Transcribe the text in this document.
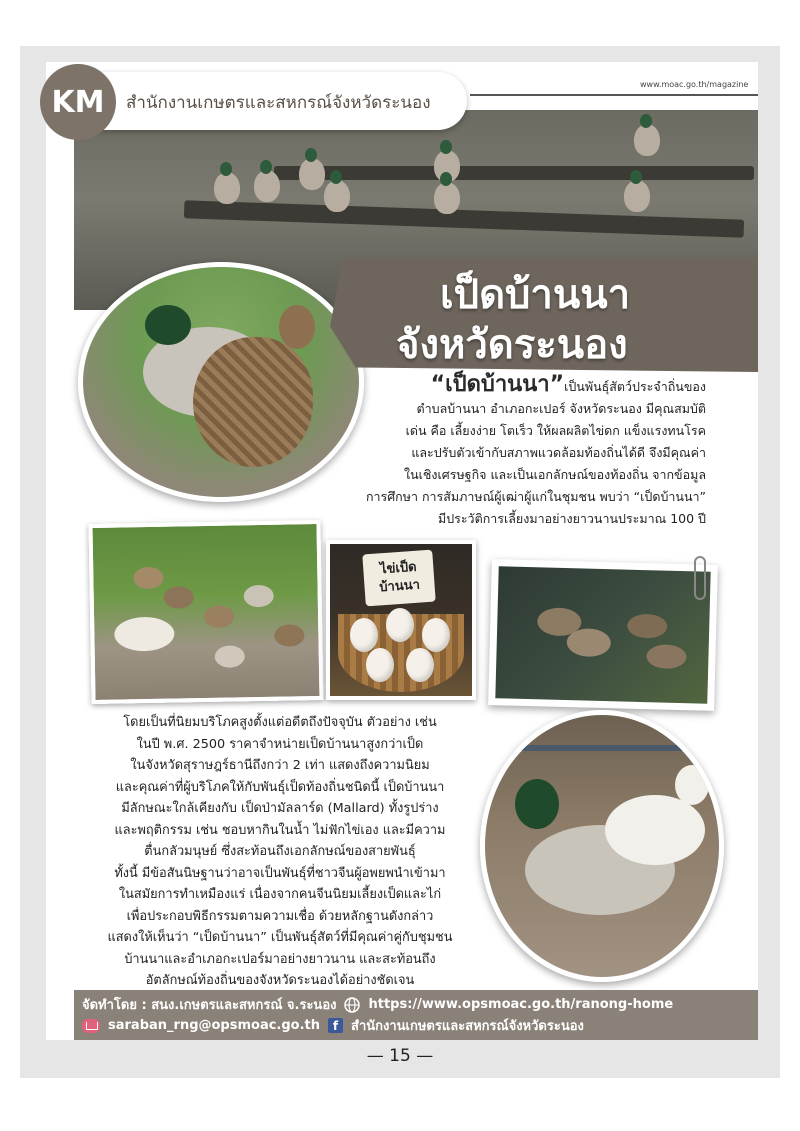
KM สำนักงานเกษตรและสหกรณ์จังหวัดระนอง
www.moac.go.th/magazine
เป็ดบ้านนา
จังหวัดระนอง
“เป็ดบ้านนา”เป็นพันธุ์สัตว์ประจำถิ่นของ
ตำบลบ้านนา อำเภอกะเปอร์ จังหวัดระนอง มีคุณสมบัติ
เด่น คือ เลี้ยงง่าย โตเร็ว ให้ผลผลิตไข่ดก แข็งแรงทนโรค
และปรับตัวเข้ากับสภาพแวดล้อมท้องถิ่นได้ดี จึงมีคุณค่า
ในเชิงเศรษฐกิจ และเป็นเอกลักษณ์ของท้องถิ่น จากข้อมูล
การศึกษา การสัมภาษณ์ผู้เฒ่าผู้แก่ในชุมชน พบว่า “เป็ดบ้านนา”
มีประวัติการเลี้ยงมาอย่างยาวนานประมาณ 100 ปี
ไข่เป็ด
บ้านนา
โดยเป็นที่นิยมบริโภคสูงตั้งแต่อดีตถึงปัจจุบัน ตัวอย่าง เช่น
ในปี พ.ศ. 2500 ราคาจำหน่ายเป็ดบ้านนาสูงกว่าเป็ด
ในจังหวัดสุราษฎร์ธานีถึงกว่า 2 เท่า แสดงถึงความนิยม
และคุณค่าที่ผู้บริโภคให้กับพันธุ์เป็ดท้องถิ่นชนิดนี้ เป็ดบ้านนา
มีลักษณะใกล้เคียงกับ เป็ดป่ามัลลาร์ด (Mallard) ทั้งรูปร่าง
และพฤติกรรม เช่น ชอบหากินในน้ำ ไม่ฟักไข่เอง และมีความ
ตื่นกลัวมนุษย์ ซึ่งสะท้อนถึงเอกลักษณ์ของสายพันธุ์
ทั้งนี้ มีข้อสันนิษฐานว่าอาจเป็นพันธุ์ที่ชาวจีนผู้อพยพนำเข้ามา
ในสมัยการทำเหมืองแร่ เนื่องจากคนจีนนิยมเลี้ยงเป็ดและไก่
เพื่อประกอบพิธีกรรมตามความเชื่อ ด้วยหลักฐานดังกล่าว
แสดงให้เห็นว่า “เป็ดบ้านนา” เป็นพันธุ์สัตว์ที่มีคุณค่าคู่กับชุมชน
บ้านนาและอำเภอกะเปอร์มาอย่างยาวนาน และสะท้อนถึง
อัตลักษณ์ท้องถิ่นของจังหวัดระนองได้อย่างชัดเจน
จัดทำโดย : สนง.เกษตรและสหกรณ์ จ.ระนอง https://www.opsmoac.go.th/ranong-home
saraban_rng@opsmoac.go.th	f สำนักงานเกษตรและสหกรณ์จังหวัดระนอง
— 15 —
